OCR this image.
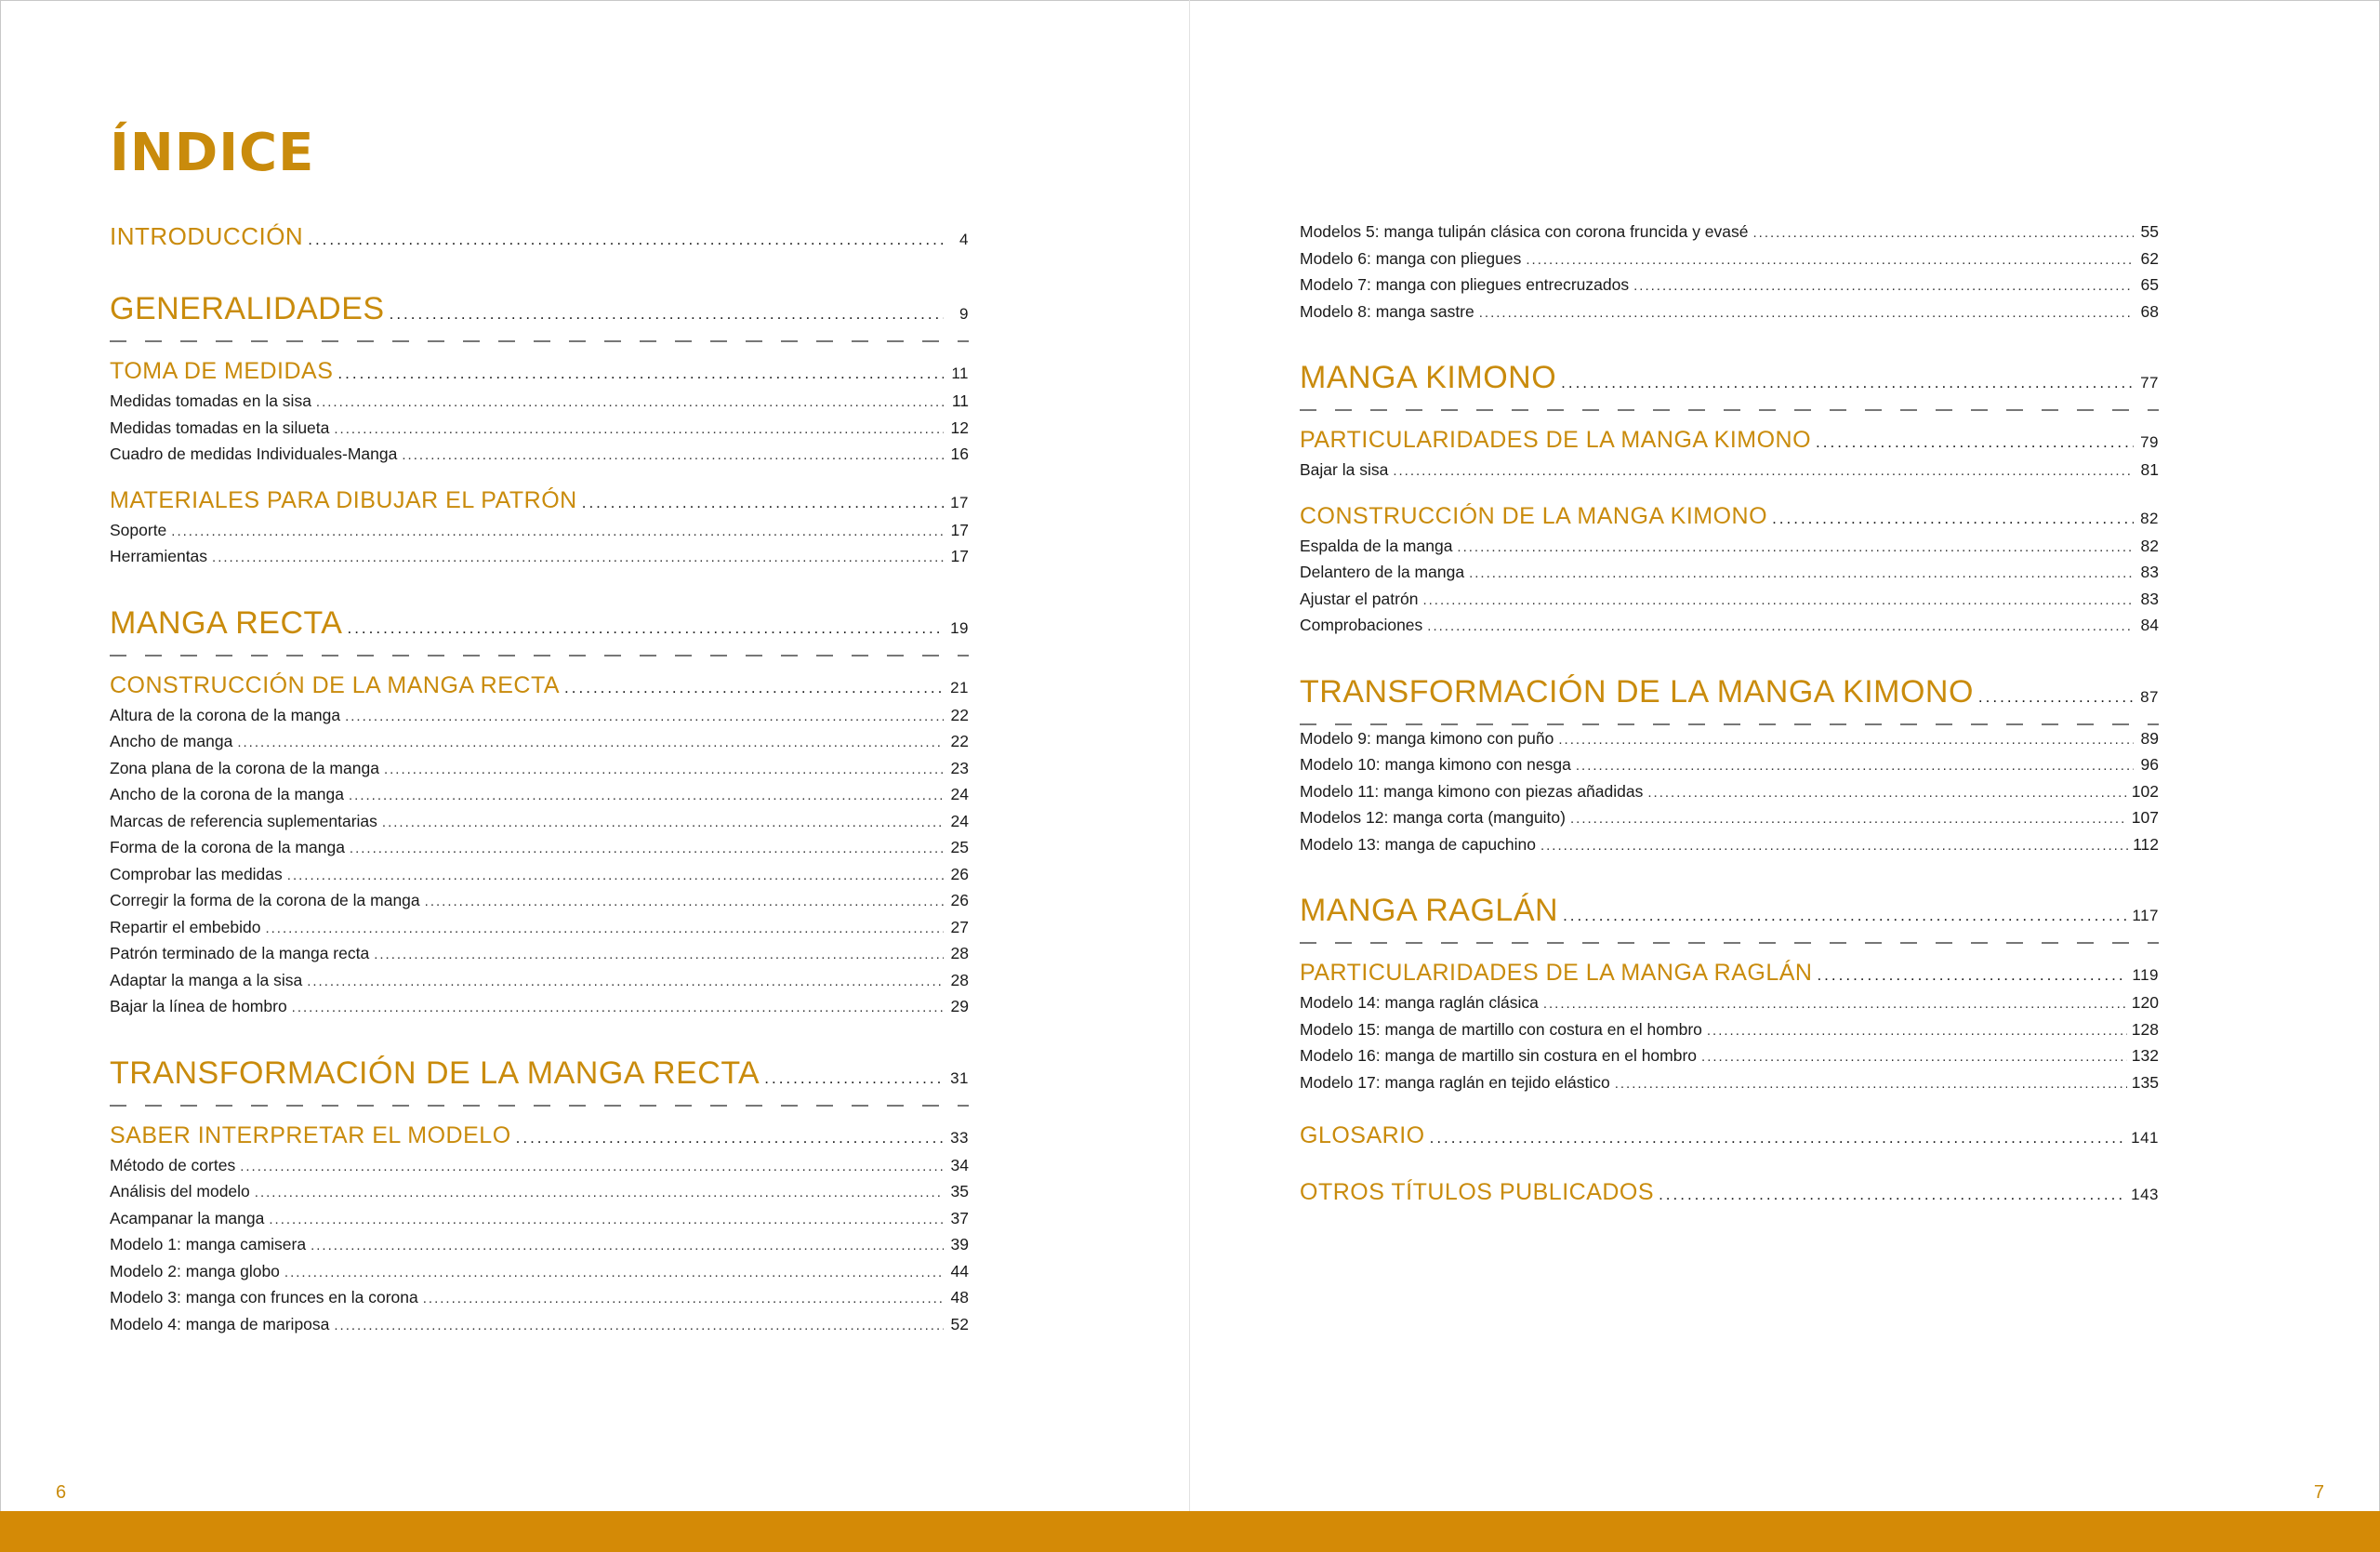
ÍNDICE
INTRODUCCIÓN .....	4
GENERALIDADES .....	9
TOMA DE MEDIDAS .....	11
Medidas tomadas en la sisa .....	11
Medidas tomadas en la silueta .....	12
Cuadro de medidas Individuales-Manga .....	16
MATERIALES PARA DIBUJAR EL PATRÓN .....	17
Soporte .....	17
Herramientas .....	17
MANGA RECTA .....	19
CONSTRUCCIÓN DE LA MANGA RECTA .....	21
Altura de la corona de la manga .....	22
Ancho de manga .....	22
Zona plana de la corona de la manga .....	23
Ancho de la corona de la manga .....	24
Marcas de referencia suplementarias .....	24
Forma de la corona de la manga .....	25
Comprobar las medidas .....	26
Corregir la forma de la corona de la manga .....	26
Repartir el embebido .....	27
Patrón terminado de la manga recta .....	28
Adaptar la manga a la sisa .....	28
Bajar la línea de hombro .....	29
TRANSFORMACIÓN DE LA MANGA RECTA .....	31
SABER INTERPRETAR EL MODELO .....	33
Método de cortes .....	34
Análisis del modelo .....	35
Acampanar la manga .....	37
Modelo 1: manga camisera .....	39
Modelo 2: manga globo .....	44
Modelo 3: manga con frunces en la corona .....	48
Modelo 4: manga de mariposa .....	52
Modelos 5: manga tulipán clásica con corona fruncida y evasé .....	55
Modelo 6: manga con pliegues .....	62
Modelo 7: manga con pliegues entrecruzados .....	65
Modelo 8: manga sastre .....	68
MANGA KIMONO .....	77
PARTICULARIDADES DE LA MANGA KIMONO .....	79
Bajar la sisa .....	81
CONSTRUCCIÓN DE LA MANGA KIMONO .....	82
Espalda de la manga .....	82
Delantero de la manga .....	83
Ajustar el patrón .....	83
Comprobaciones .....	84
TRANSFORMACIÓN DE LA MANGA KIMONO .....	87
Modelo 9: manga kimono con puño .....	89
Modelo 10: manga kimono con nesga .....	96
Modelo 11: manga kimono con piezas añadidas .....	102
Modelos 12: manga corta (manguito) .....	107
Modelo 13: manga de capuchino .....	112
MANGA RAGLÁN .....	117
PARTICULARIDADES DE LA MANGA RAGLÁN .....	119
Modelo 14: manga raglán clásica .....	120
Modelo 15: manga de martillo con costura en el hombro .....	128
Modelo 16: manga de martillo sin costura en el hombro .....	132
Modelo 17: manga raglán en tejido elástico .....	135
GLOSARIO .....	141
OTROS TÍTULOS PUBLICADOS .....	143
6	7
